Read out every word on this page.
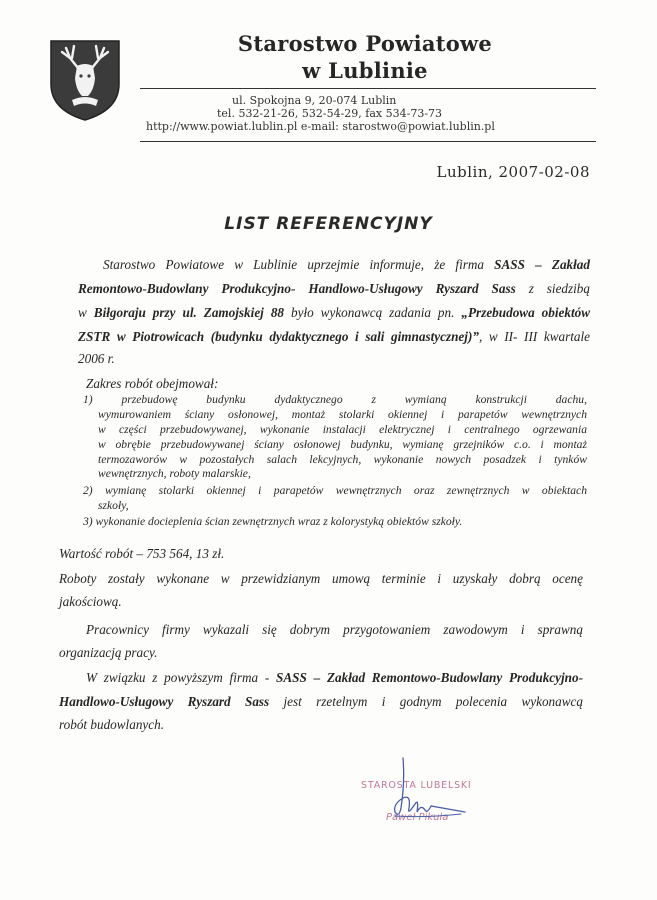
Starostwo Powiatowe

w Lublinie

ul. Spokojna 9, 20-074 Lublin

tel. 532-21-26, 532-54-29, fax 534-73-73

http://www.powiat.lublin.pl e-mail: starostwo@powiat.lublin.pl

Lublin, 2007-02-08

LIST REFERENCYJNY

Starostwo Powiatowe w Lublinie uprzejmie informuje, że firma SASS – Zakład

Remontowo-Budowlany Produkcyjno- Handlowo-Usługowy Ryszard Sass z siedzibą

w Biłgoraju przy ul. Zamojskiej 88 było wykonawcą zadania pn. „Przebudowa obiektów

ZSTR w Piotrowicach (budynku dydaktycznego i sali gimnastycznej)”, w II- III kwartale

2006 r.

Zakres robót obejmował:

1) przebudowę budynku dydaktycznego z wymianą konstrukcji dachu,

wymurowaniem ściany osłonowej, montaż stolarki okiennej i parapetów wewnętrznych

w części przebudowywanej, wykonanie instalacji elektrycznej i centralnego ogrzewania

w obrębie przebudowywanej ściany osłonowej budynku, wymianę grzejników c.o. i montaż

termozaworów w pozostałych salach lekcyjnych, wykonanie nowych posadzek i tynków

wewnętrznych, roboty malarskie,

2) wymianę stolarki okiennej i parapetów wewnętrznych oraz zewnętrznych w obiektach

szkoły,

3) wykonanie docieplenia ścian zewnętrznych wraz z kolorystyką obiektów szkoły.

Wartość robót – 753 564, 13 zł.

Roboty zostały wykonane w przewidzianym umową terminie i uzyskały dobrą ocenę

jakościową.

Pracownicy firmy wykazali się dobrym przygotowaniem zawodowym i sprawną

organizacją pracy.

W związku z powyższym firma - SASS – Zakład Remontowo-Budowlany Produkcyjno-

Handlowo-Usługowy Ryszard Sass jest rzetelnym i godnym polecenia wykonawcą

robót budowlanych.

STAROSTA LUBELSKI

Paweł Pikula
